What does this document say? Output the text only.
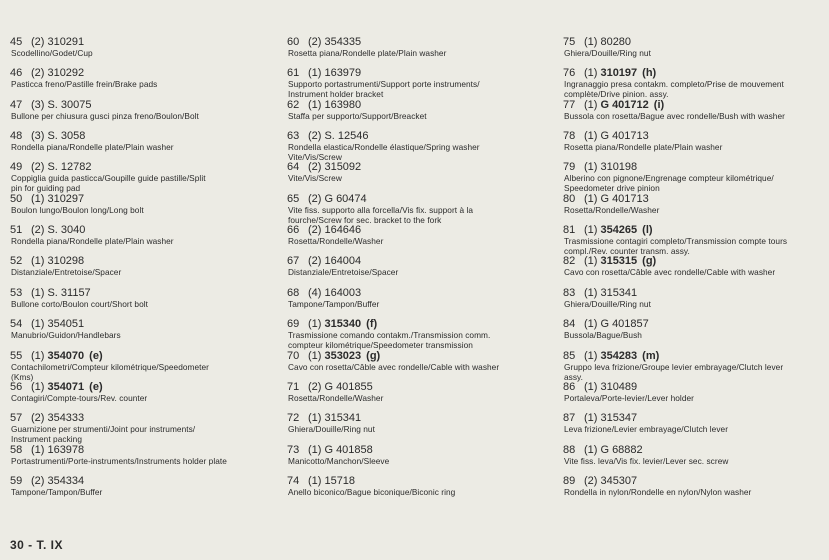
45 (2) 310291
Scodellino/Godet/Cup
46 (2) 310292
Pasticca freno/Pastille frein/Brake pads
47 (3) S. 30075
Bullone per chiusura gusci pinza freno/Boulon/Bolt
48 (3) S. 3058
Rondella piana/Rondelle plate/Plain washer
49 (2) S. 12782
Coppiglia guida pasticca/Goupille guide pastille/Split
pin for guiding pad
50 (1) 310297
Boulon lungo/Boulon long/Long bolt
51 (2) S. 3040
Rondella piana/Rondelle plate/Plain washer
52 (1) 310298
Distanziale/Entretoise/Spacer
53 (1) S. 31157
Bullone corto/Boulon court/Short bolt
54 (1) 354051
Manubrio/Guidon/Handlebars
55 (1) 354070 (e)
Contachilometri/Compteur kilométrique/Speedometer
(Kms)
56 (1) 354071 (e)
Contagiri/Compte-tours/Rev. counter
57 (2) 354333
Guarnizione per strumenti/Joint pour instruments/
Instrument packing
58 (1) 163978
Portastrumenti/Porte-instruments/Instruments holder plate
59 (2) 354334
Tampone/Tampon/Buffer
60 (2) 354335
Rosetta piana/Rondelle plate/Plain washer
61 (1) 163979
Supporto portastrumenti/Support porte instruments/
Instrument holder bracket
62 (1) 163980
Staffa per supporto/Support/Breacket
63 (2) S. 12546
Rondella elastica/Rondelle élastique/Spring washer
Vite/Vis/Screw
64 (2) 315092
Vite/Vis/Screw
65 (2) G 60474
Vite fiss. supporto alla forcella/Vis fix. support à la
fourche/Screw for sec. bracket to the fork
66 (2) 164646
Rosetta/Rondelle/Washer
67 (2) 164004
Distanziale/Entretoise/Spacer
68 (4) 164003
Tampone/Tampon/Buffer
69 (1) 315340 (f)
Trasmissione comando contakm./Transmission comm.
compteur kilométrique/Speedometer transmission
70 (1) 353023 (g)
Cavo con rosetta/Câble avec rondelle/Cable with washer
71 (2) G 401855
Rosetta/Rondelle/Washer
72 (1) 315341
Ghiera/Douille/Ring nut
73 (1) G 401858
Manicotto/Manchon/Sleeve
74 (1) 15718
Anello biconico/Bague biconique/Biconic ring
75 (1) 80280
Ghiera/Douille/Ring nut
76 (1) 310197 (h)
Ingranaggio presa contakm. completo/Prise de mouvement
complète/Drive pinion. assy.
77 (1) G 401712 (i)
Bussola con rosetta/Bague avec rondelle/Bush with washer
78 (1) G 401713
Rosetta piana/Rondelle plate/Plain washer
79 (1) 310198
Alberino con pignone/Engrenage compteur kilométrique/
Speedometer drive pinion
80 (1) G 401713
Rosetta/Rondelle/Washer
81 (1) 354265 (l)
Trasmissione contagiri completo/Transmission compte tours
compl./Rev. counter transm. assy.
82 (1) 315315 (g)
Cavo con rosetta/Câble avec rondelle/Cable with washer
83 (1) 315341
Ghiera/Douille/Ring nut
84 (1) G 401857
Bussola/Bague/Bush
85 (1) 354283 (m)
Gruppo leva frizione/Groupe levier embrayage/Clutch lever
assy.
86 (1) 310489
Portaleva/Porte-levier/Lever holder
87 (1) 315347
Leva frizione/Levier embrayage/Clutch lever
88 (1) G 68882
Vite fiss. leva/Vis fix. levier/Lever sec. screw
89 (2) 345307
Rondella in nylon/Rondelle en nylon/Nylon washer
30 - T. IX
